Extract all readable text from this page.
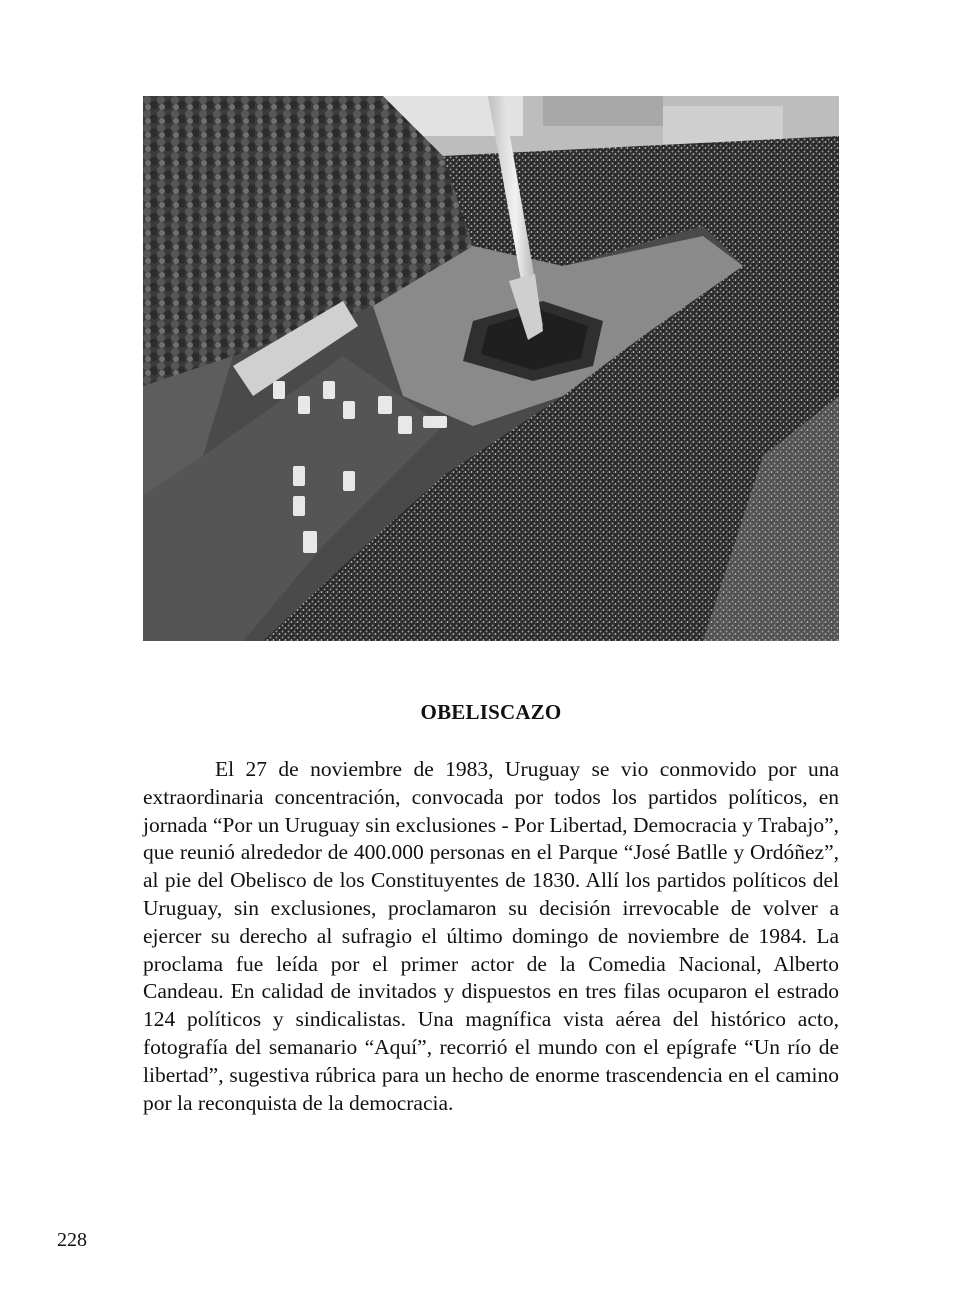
OBELISCAZO

El 27 de noviembre de 1983, Uruguay se vio conmovido por una extraordinaria concentración, convocada por todos los partidos políticos, en jornada “Por un Uruguay sin exclusiones - Por Libertad, Democracia y Trabajo”, que reunió alrededor de 400.000 personas en el Parque “José Batlle y Ordóñez”, al pie del Obelisco de los Constituyentes de 1830. Allí los partidos políticos del Uruguay, sin exclusiones, proclamaron su decisión irrevocable de volver a ejercer su derecho al sufragio el último domingo de noviembre de 1984. La proclama fue leída por el primer actor de la Comedia Nacional, Alberto Candeau. En calidad de invitados y dispuestos en tres filas ocuparon el estrado 124 políticos y sindicalistas. Una magnífica vista aérea del histórico acto, fotografía del semanario “Aquí”, recorrió el mundo con el epígrafe “Un río de libertad”, sugestiva rúbrica para un hecho de enorme trascendencia en el camino por la reconquista de la democracia.

228
